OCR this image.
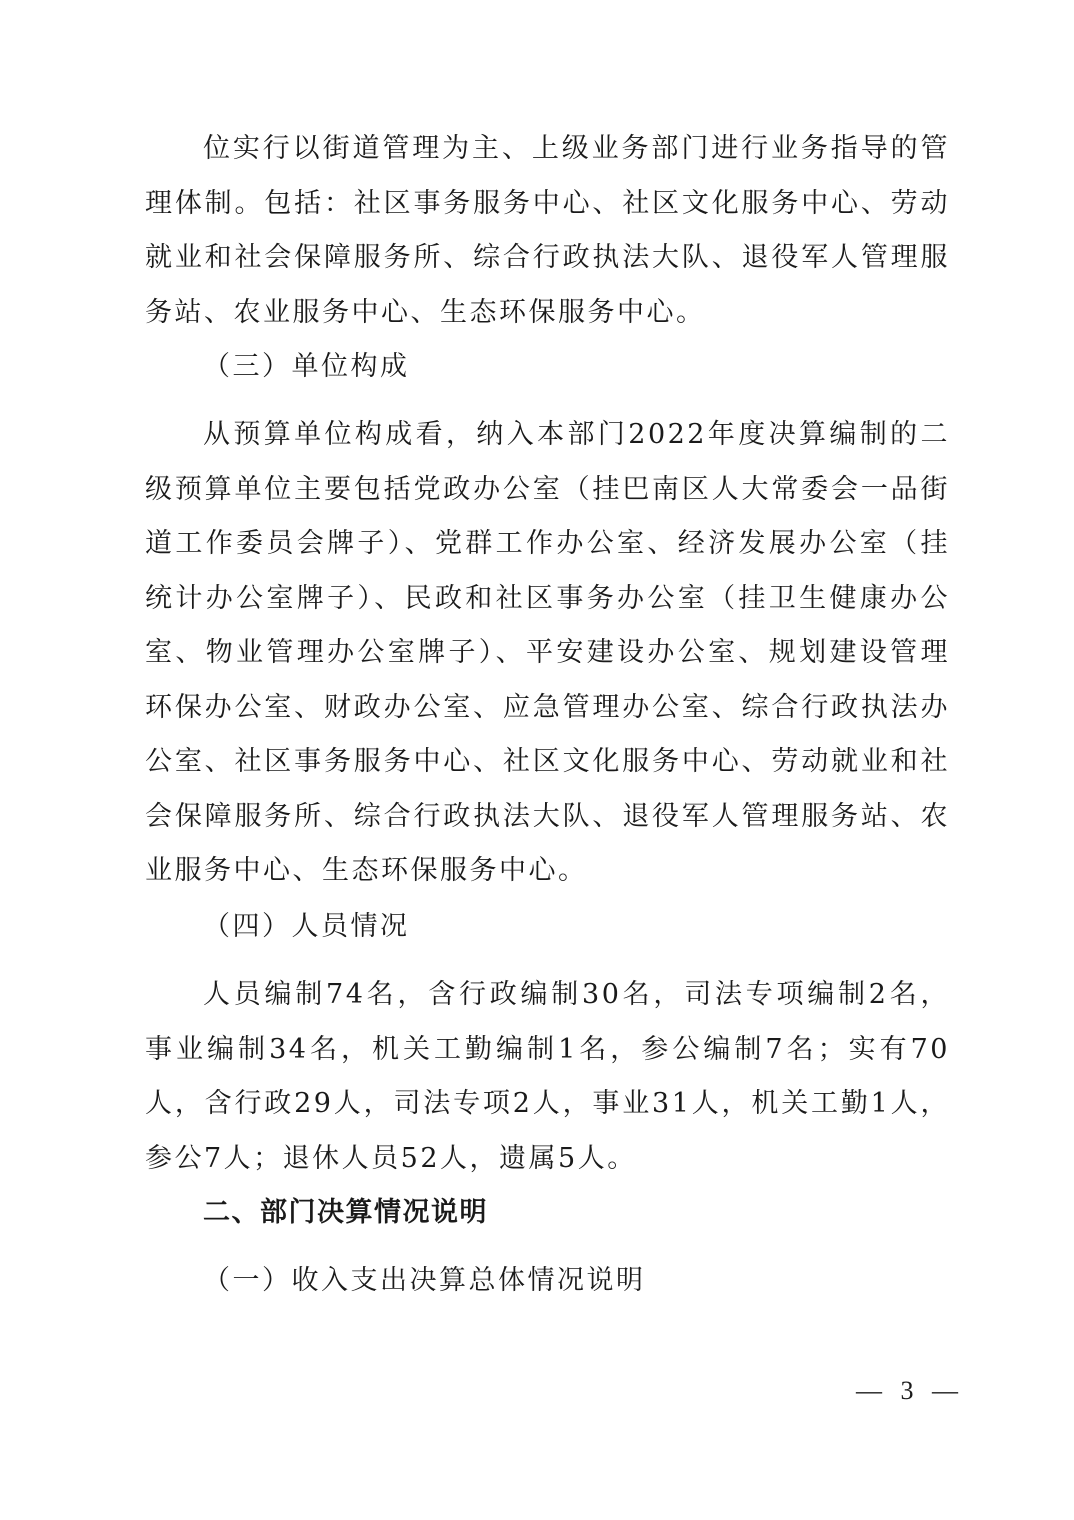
位实行以街道管理为主、上级业务部门进行业务指导的管理体制。包括：社区事务服务中心、社区文化服务中心、劳动就业和社会保障服务所、综合行政执法大队、退役军人管理服务站、农业服务中心、生态环保服务中心。

（三）单位构成

从预算单位构成看，纳入本部门2022年度决算编制的二级预算单位主要包括党政办公室（挂巴南区人大常委会一品街道工作委员会牌子）、党群工作办公室、经济发展办公室（挂统计办公室牌子）、民政和社区事务办公室（挂卫生健康办公室、物业管理办公室牌子）、平安建设办公室、规划建设管理环保办公室、财政办公室、应急管理办公室、综合行政执法办公室、社区事务服务中心、社区文化服务中心、劳动就业和社会保障服务所、综合行政执法大队、退役军人管理服务站、农业服务中心、生态环保服务中心。

（四）人员情况

人员编制74名，含行政编制30名，司法专项编制2名，事业编制34名，机关工勤编制1名，参公编制7名；实有70人，含行政29人，司法专项2人，事业31人，机关工勤1人，参公7人；退休人员52人，遗属5人。

二、部门决算情况说明

（一）收入支出决算总体情况说明

— 3 —
